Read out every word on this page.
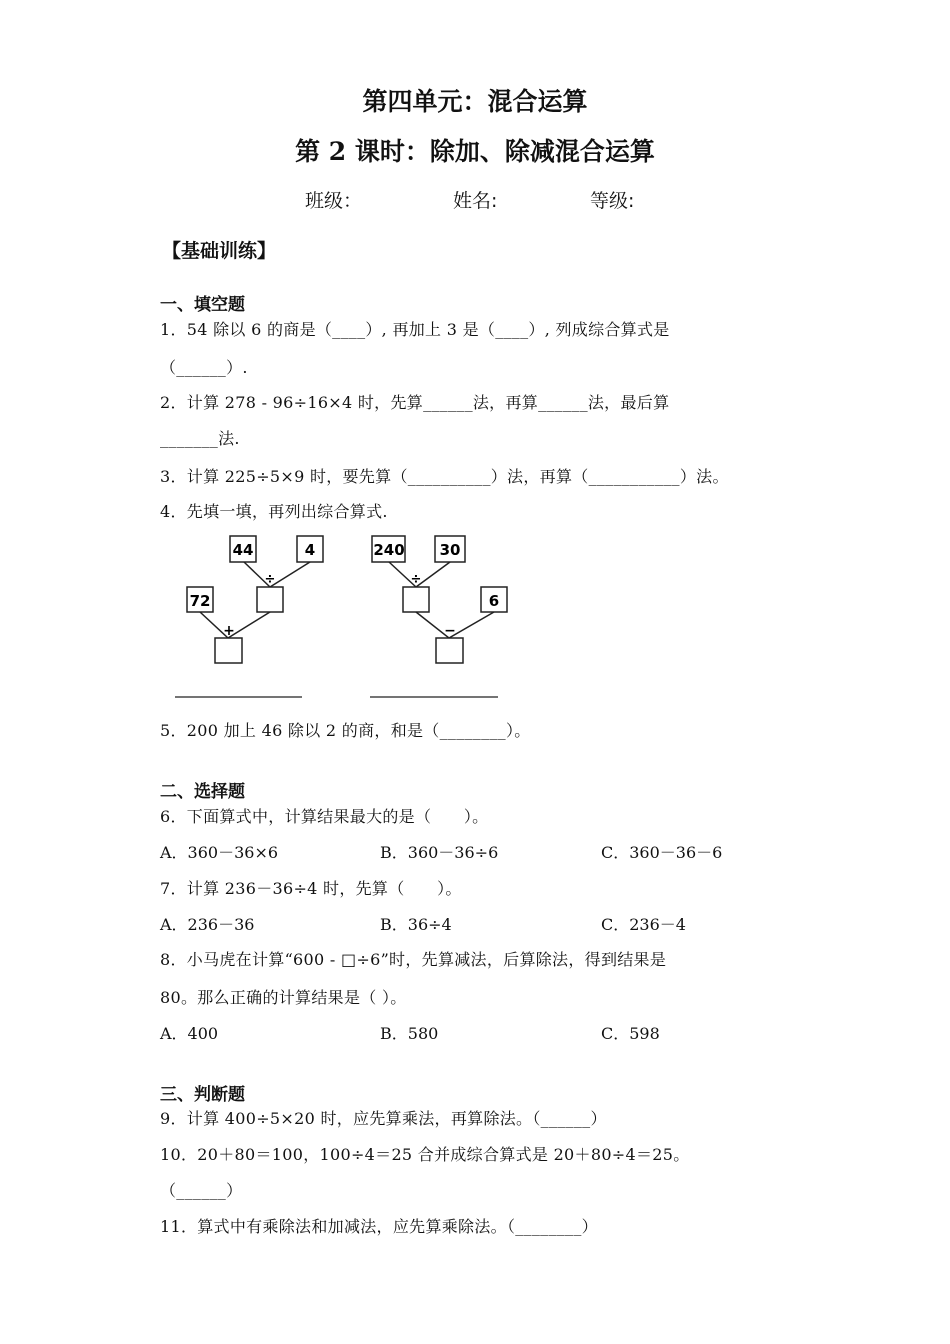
第四单元：混合运算
第 2 课时：除加、除减混合运算
班级：	姓名:	等级:
【基础训练】
一、填空题
1．54 除以 6 的商是（____）, 再加上 3 是（____）, 列成综合算式是
（______）.
2．计算 278 - 96÷16×4 时，先算______法，再算______法，最后算
_______法.
3．计算 225÷5×9 时，要先算（__________）法，再算（___________）法。
4．先填一填，再列出综合算式.
44	4
÷
72
+
240 30
÷
6
−
5．200 加上 46 除以 2 的商，和是（________）。
二、选择题
6．下面算式中，计算结果最大的是（　　）。
A．360－36×6	B．360－36÷6	C．360－36－6
7．计算 236－36÷4 时，先算（　　）。
A．236－36	B．36÷4	C．236－4
8．小马虎在计算“600 - □÷6”时，先算减法，后算除法，得到结果是
80。那么正确的计算结果是（ ）。
A．400	B．580	C．598
三、判断题
9．计算 400÷5×20 时，应先算乘法，再算除法。（______）
10．20＋80＝100，100÷4＝25 合并成综合算式是 20＋80÷4＝25。
（______）
11．算式中有乘除法和加减法，应先算乘除法。（________）
